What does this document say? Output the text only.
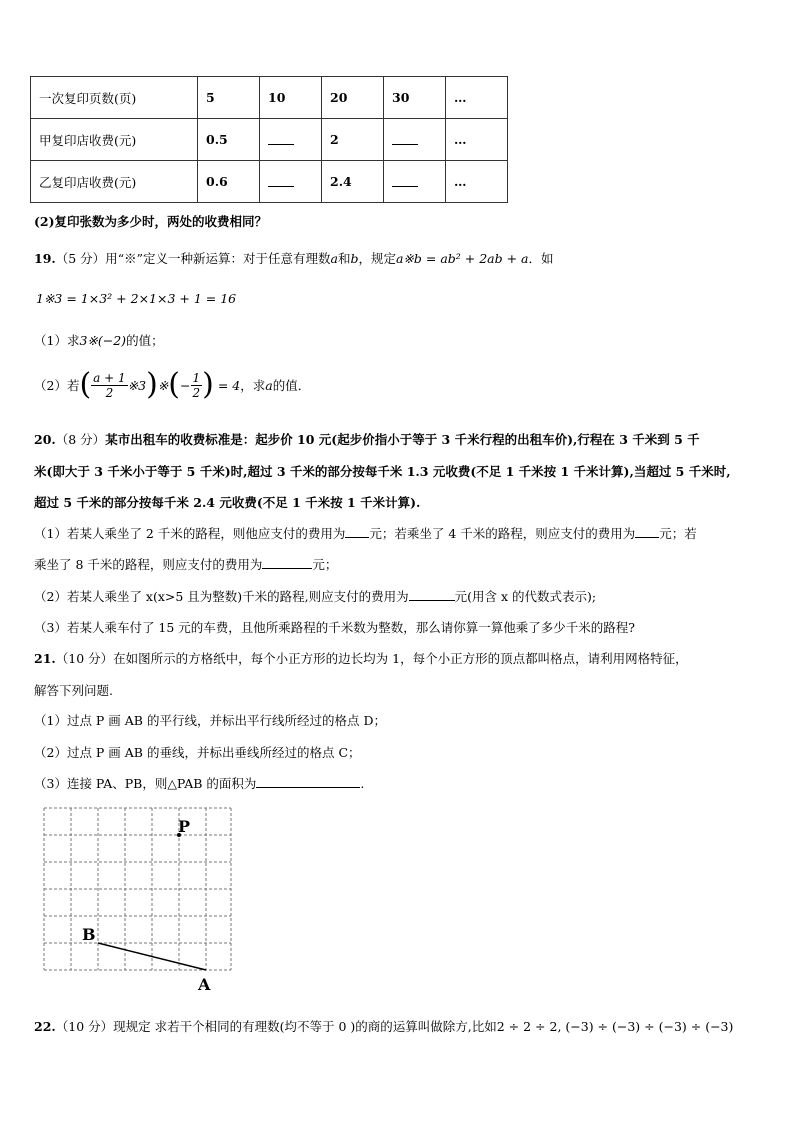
一次复印页数(页)	5	10	20	30	…
甲复印店收费(元)	0.5		2		…
乙复印店收费(元)	0.6		2.4		…
(2)复印张数为多少时，两处的收费相同？
19.（5 分）用“※”定义一种新运算：对于任意有理数a和b，规定a※b = ab² + 2ab + a．如
1※3 = 1×3² + 2×1×3 + 1 = 16
（1）求3※(−2)的值；
（2）若 ( $\frac{a + 1}{2}$ ※3 ) ※ ( − $\frac{1}{2}$ ) = 4 ，求 a 的值．
20.（8 分）某市出租车的收费标准是：起步价 10 元(起步价指小于等于 3 千米行程的出租车价),行程在 3 千米到 5 千
米(即大于 3 千米小于等于 5 千米)时,超过 3 千米的部分按每千米 1.3 元收费(不足 1 千米按 1 千米计算),当超过 5 千米时,
超过 5 千米的部分按每千米 2.4 元收费(不足 1 千米按 1 千米计算).
（1）若某人乘坐了 2 千米的路程，则他应支付的费用为 元；若乘坐了 4 千米的路程，则应支付的费用为 元；若
乘坐了 8 千米的路程，则应支付的费用为	元；
（2）若某人乘坐了 x(x>5 且为整数)千米的路程,则应支付的费用为	元(用含 x 的代数式表示);
（3）若某人乘车付了 15 元的车费，且他所乘路程的千米数为整数，那么请你算一算他乘了多少千米的路程?
21.（10 分）在如图所示的方格纸中，每个小正方形的边长均为 1，每个小正方形的顶点都叫格点，请利用网格特征，
解答下列问题.
（1）过点 P 画 AB 的平行线，并标出平行线所经过的格点 D；
（2）过点 P 画 AB 的垂线，并标出垂线所经过的格点 C；
（3）连接 PA、PB，则△PAB 的面积为	.
P
B
A
22.（10 分）现规定 求若干个相同的有理数(均不等于 0 )的商的运算叫做除方,比如2 ÷ 2 ÷ 2, (−3) ÷ (−3) ÷ (−3) ÷ (−3)
